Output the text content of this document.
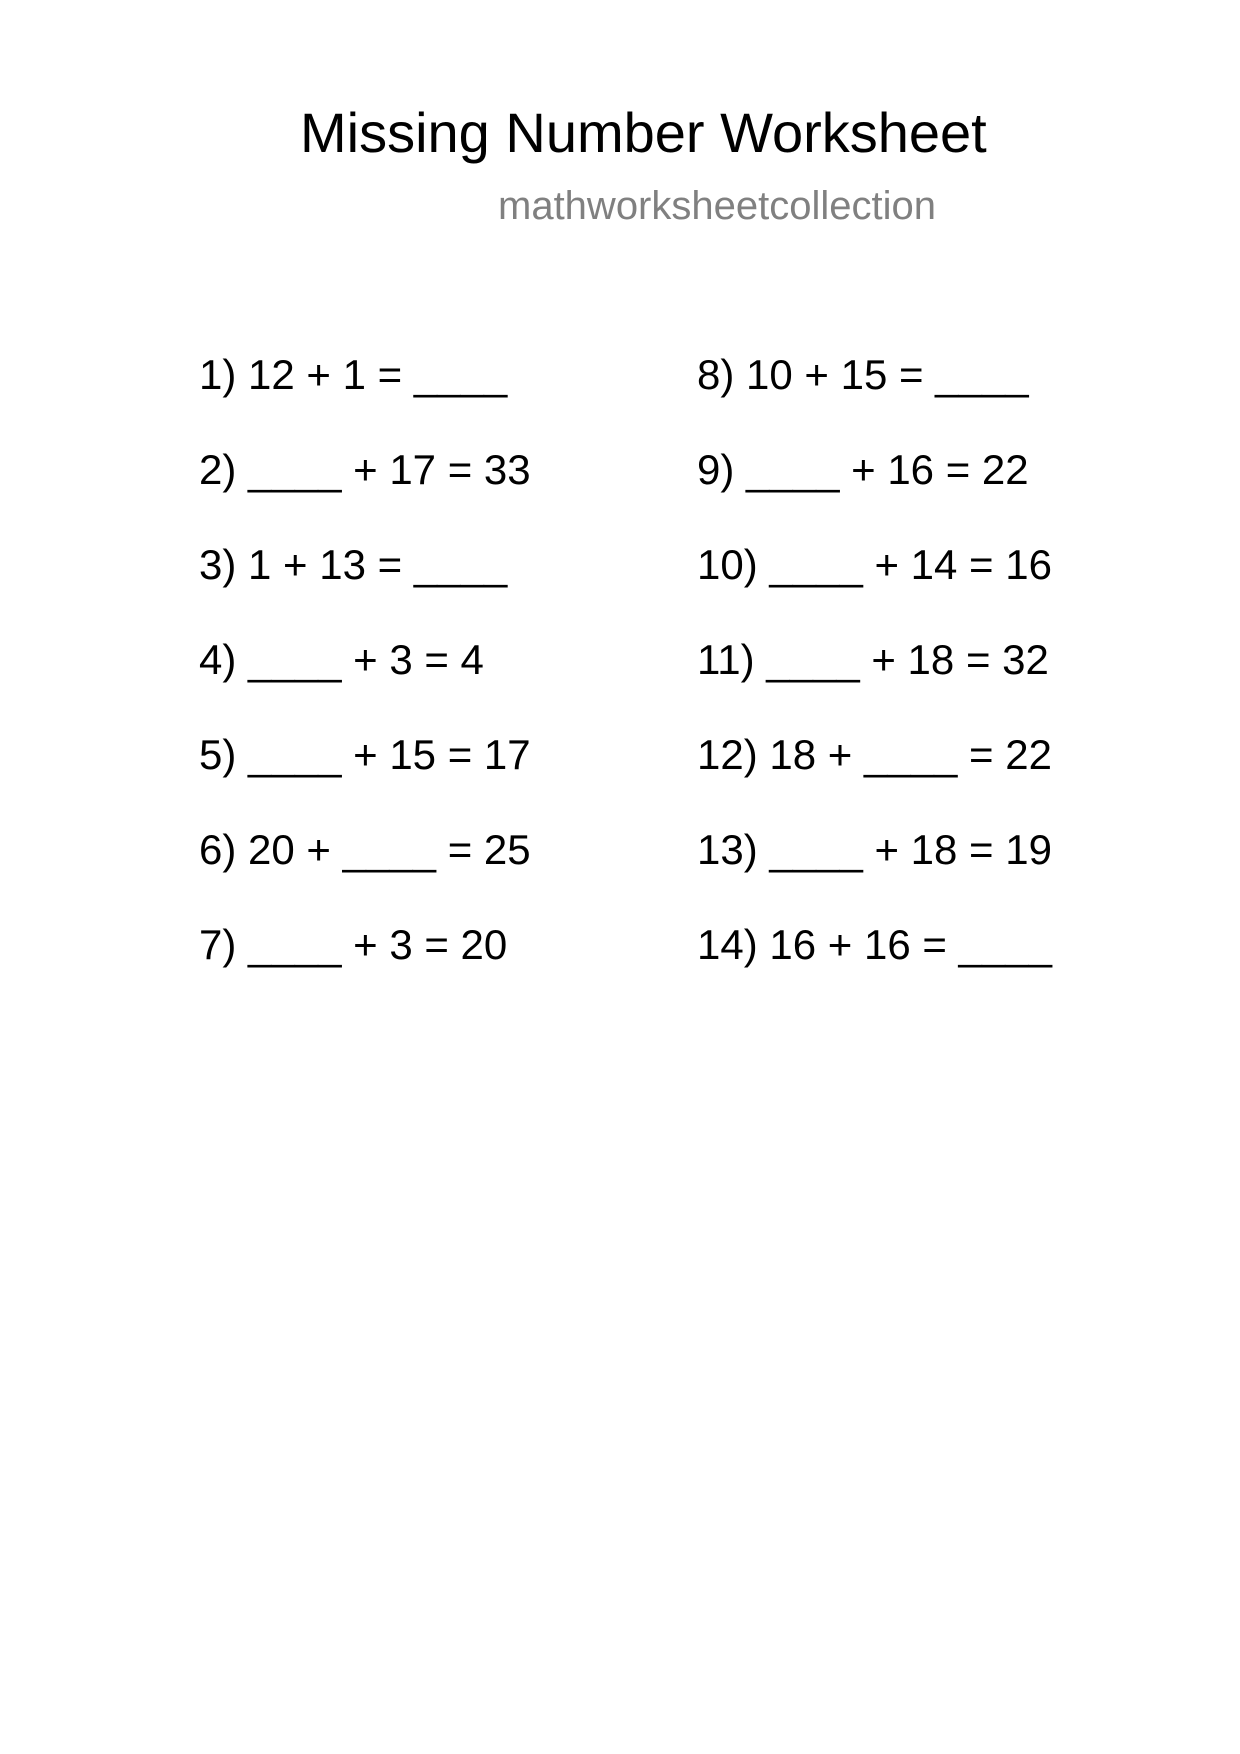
Missing Number Worksheet
mathworksheetcollection
1) 12 + 1 = ____
2) ____ + 17 = 33
3) 1 + 13 = ____
4) ____ + 3 = 4
5) ____ + 15 = 17
6) 20 + ____ = 25
7) ____ + 3 = 20
8) 10 + 15 = ____
9) ____ + 16 = 22
10) ____ + 14 = 16
11) ____ + 18 = 32
12) 18 + ____ = 22
13) ____ + 18 = 19
14) 16 + 16 = ____
